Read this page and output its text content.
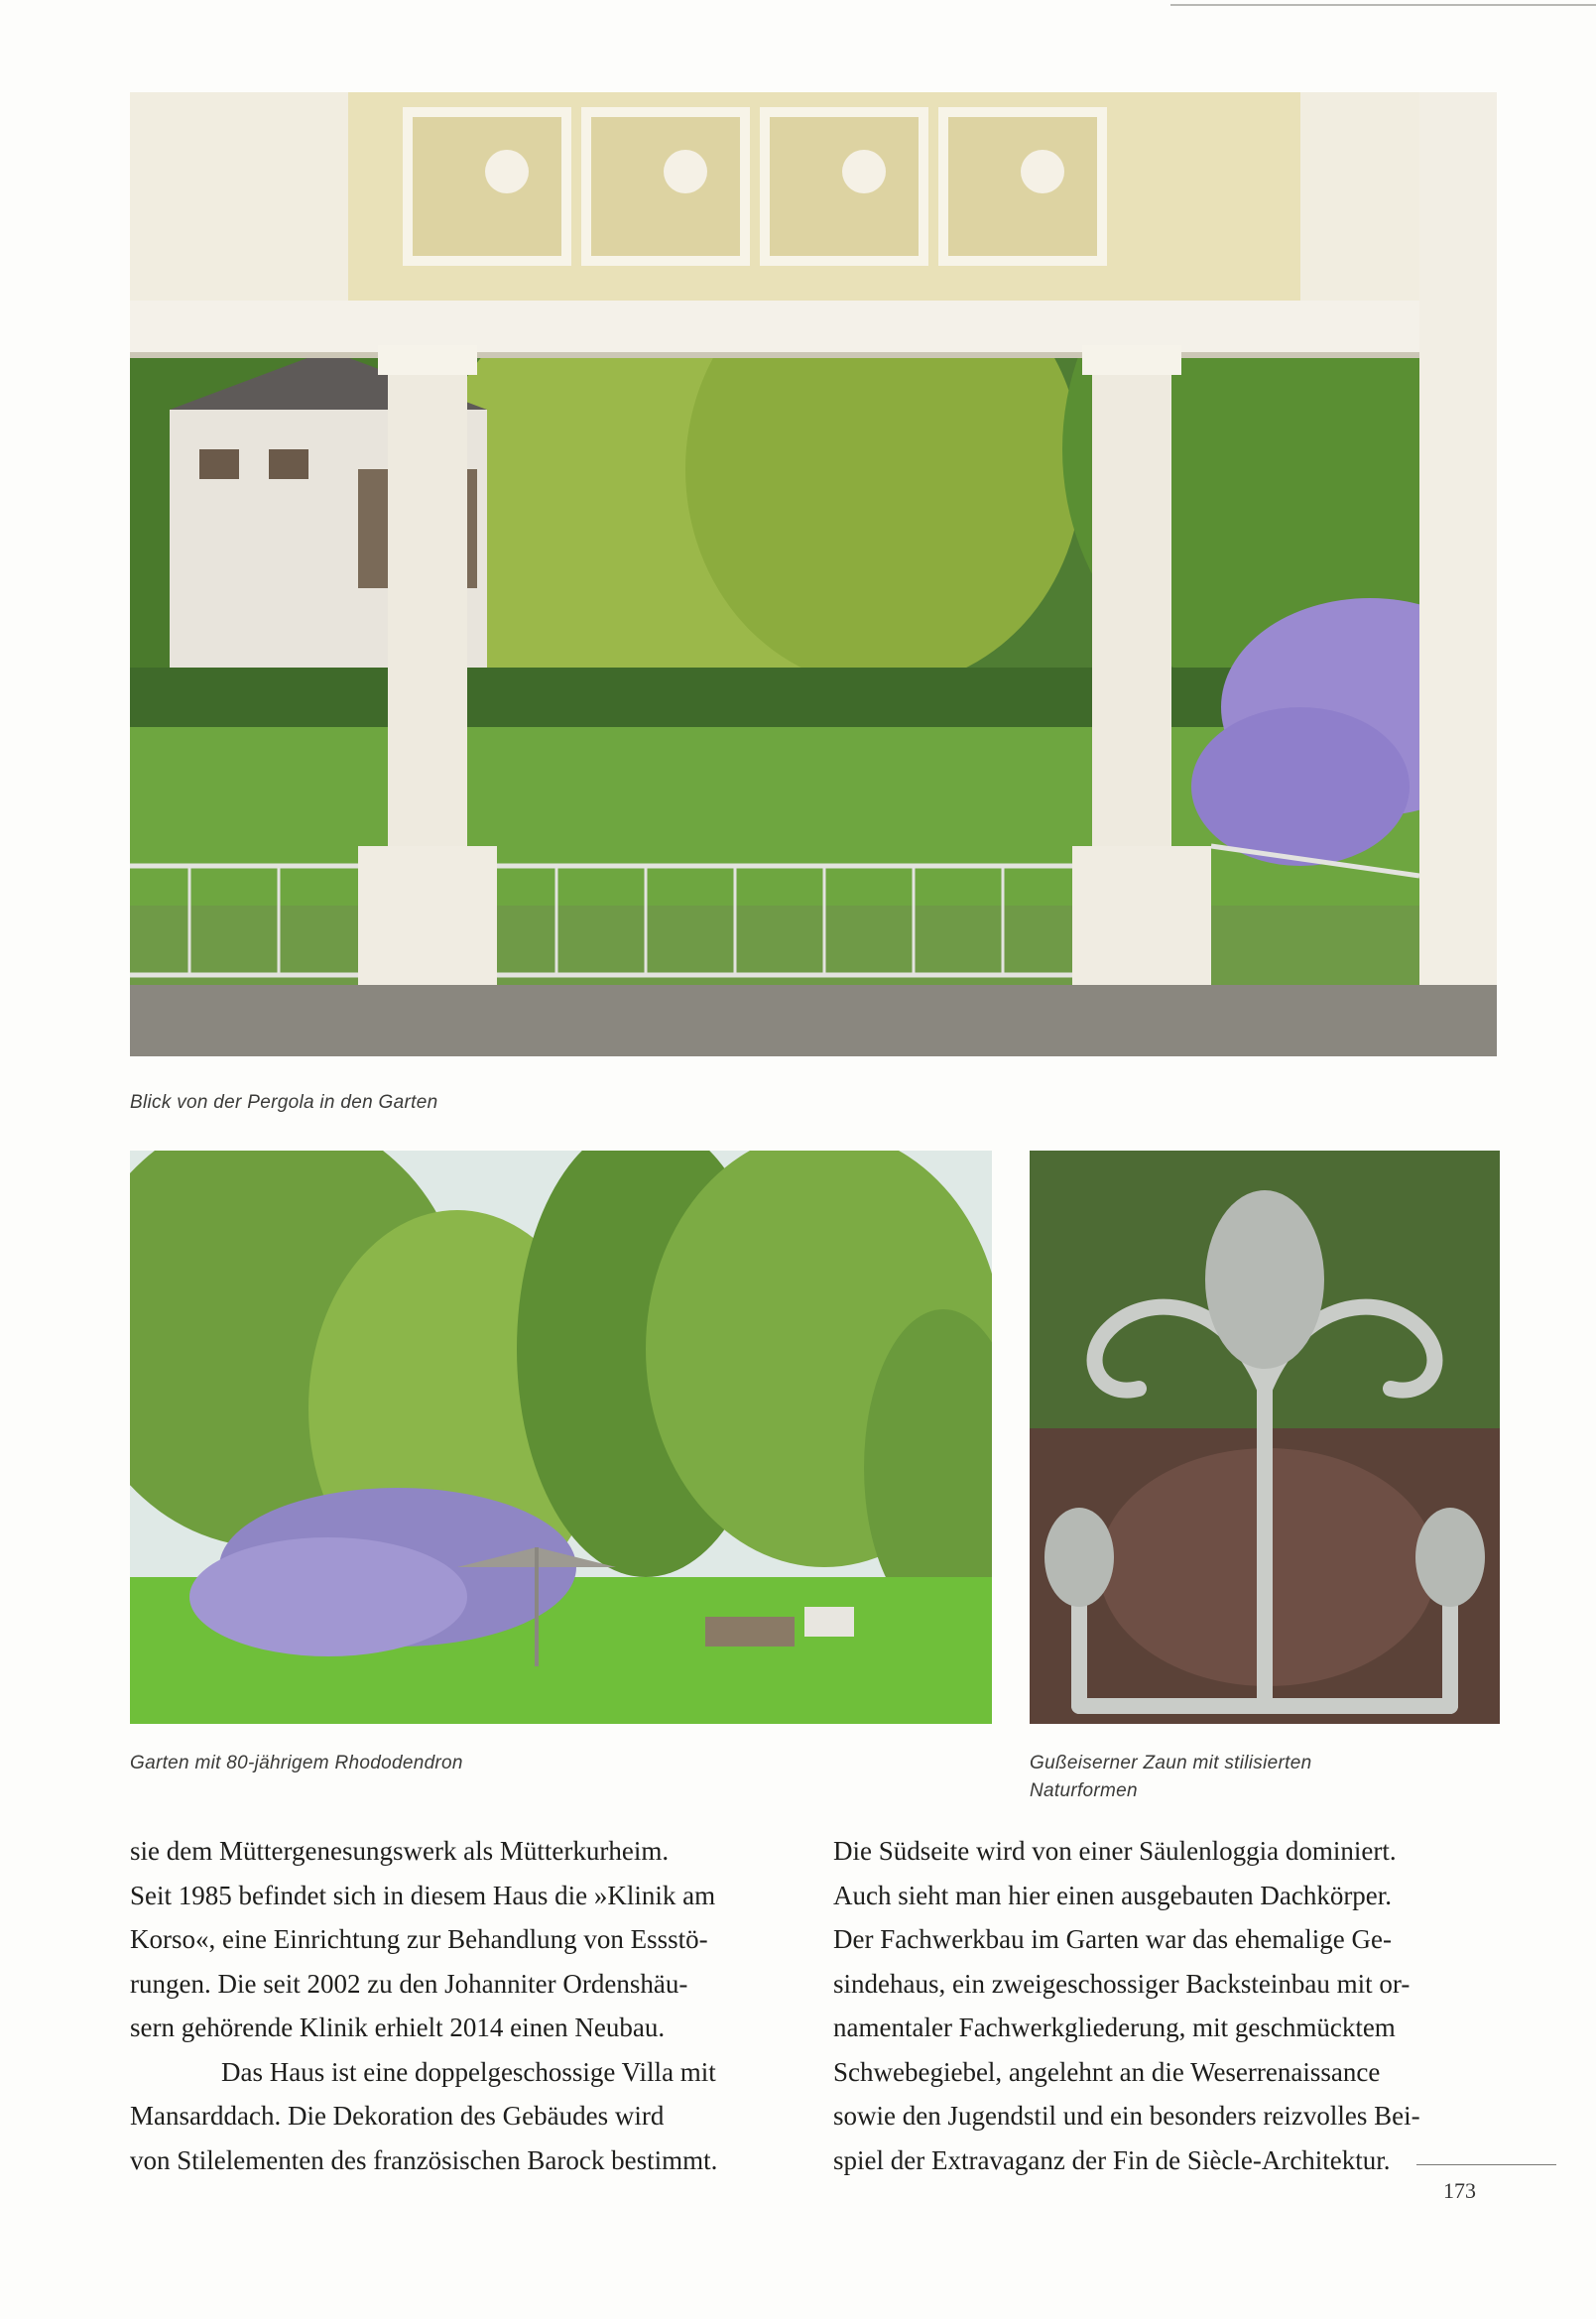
Blick von der Pergola in den Garten

Garten mit 80-jährigem Rhododendron	Gußeiserner Zaun mit stilisierten
Naturformen

sie dem Müttergenesungswerk als Mütterkurheim.
Seit 1985 befindet sich in diesem Haus die »Klinik am
Korso«, eine Einrichtung zur Behandlung von Essstö-
rungen. Die seit 2002 zu den Johanniter Ordenshäu-
sern gehörende Klinik erhielt 2014 einen Neubau.

Das Haus ist eine doppelgeschossige Villa mit
Mansarddach. Die Dekoration des Gebäudes wird
von Stilelementen des französischen Barock bestimmt.

Die Südseite wird von einer Säulenloggia dominiert.
Auch sieht man hier einen ausgebauten Dachkörper.
Der Fachwerkbau im Garten war das ehemalige Ge-
sindehaus, ein zweigeschossiger Backsteinbau mit or-
namentaler Fachwerkgliederung, mit geschmücktem
Schwebegiebel, angelehnt an die Weserrenaissance
sowie den Jugendstil und ein besonders reizvolles Bei-
spiel der Extravaganz der Fin de Siècle-Architektur.

173
